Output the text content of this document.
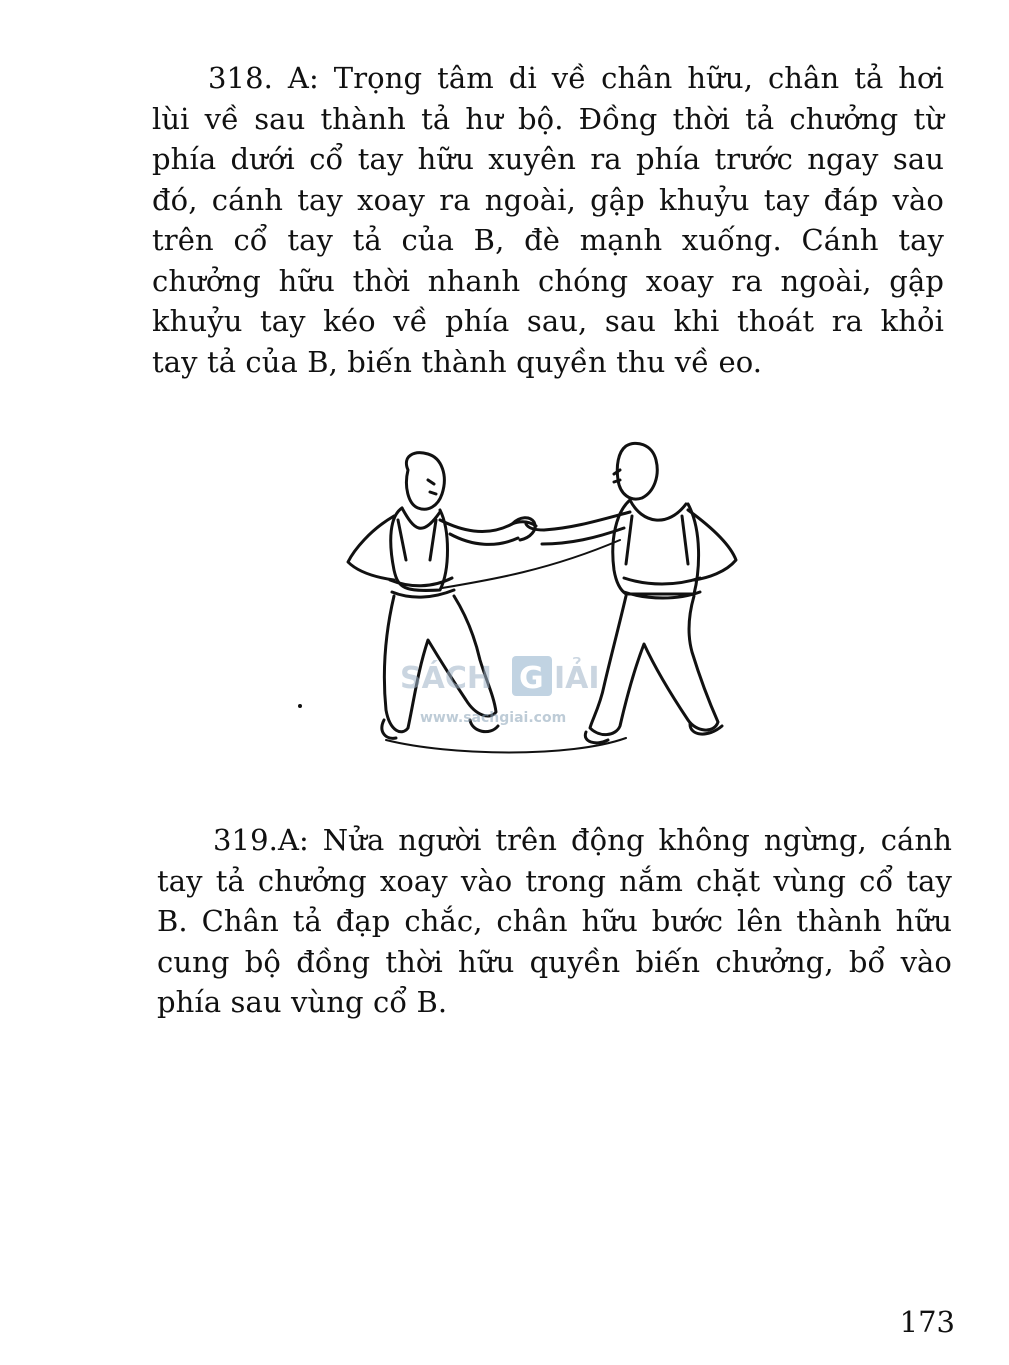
318. A: Trọng tâm di về chân hữu, chân tả hơi
lùi về sau thành tả hư bộ. Đồng thời tả chưởng từ
phía dưới cổ tay hữu xuyên ra phía trước ngay sau
đó, cánh tay xoay ra ngoài, gập khuỷu tay đáp vào
trên cổ tay tả của B, đè mạnh xuống. Cánh tay
chưởng hữu thời nhanh chóng xoay ra ngoài, gập
khuỷu tay kéo về phía sau, sau khi thoát ra khỏi
tay tả của B, biến thành quyền thu về eo.
SÁCH G IẢI
www.sachgiai.com
319.A: Nửa người trên động không ngừng, cánh
tay tả chưởng xoay vào trong nắm chặt vùng cổ tay
B. Chân tả đạp chắc, chân hữu bước lên thành hữu
cung bộ đồng thời hữu quyền biến chưởng, bổ vào
phía sau vùng cổ B.
173
